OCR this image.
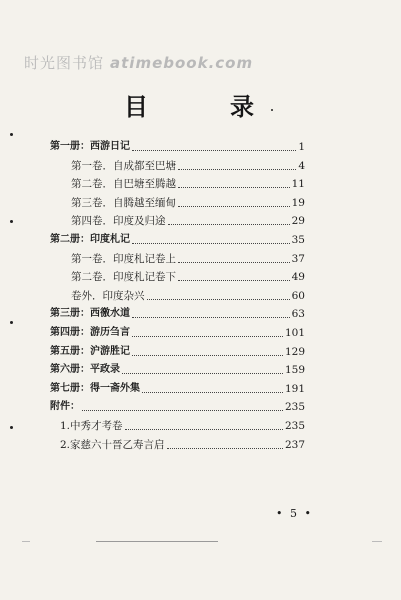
时光图书馆 atimebook.com
目	录
第一册：西游日记	1
第一卷．自成都至巴塘	4
第二卷．自巴塘至腾越	11
第三卷．自腾越至缅甸	19
第四卷．印度及归途	29
第二册：印度札记	35
第一卷．印度札记卷上	37
第二卷．印度札记卷下	49
卷外．印度杂兴	60
第三册：西徼水道	63
第四册：游历刍言	101
第五册：沪游胜记	129
第六册：平政录	159
第七册：得一斋外集	191
附件：	235
1.中秀才考卷	235
2.家慈六十晉乙寿言启	237
• 5 •
